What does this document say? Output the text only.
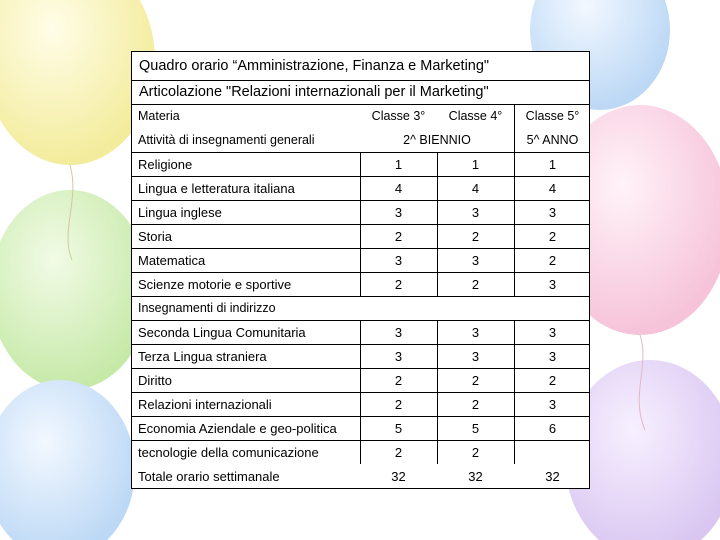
Quadro orario “Amministrazione, Finanza e Marketing"
Articolazione "Relazioni internazionali per il Marketing"
Materia	Classe 3°	Classe 4°	Classe 5°
Attività di insegnamenti generali	2^ BIENNIO	5^ ANNO
Religione	1	1	1
Lingua e letteratura italiana	4	4	4
Lingua inglese	3	3	3
Storia	2	2	2
Matematica	3	3	2
Scienze motorie e sportive	2	2	3
Insegnamenti di indirizzo
Seconda Lingua Comunitaria	3	3	3
Terza Lingua straniera	3	3	3
Diritto	2	2	2
Relazioni internazionali	2	2	3
Economia Aziendale e geo-politica	5	5	6
tecnologie della comunicazione	2	2
Totale orario settimanale	32	32	32
